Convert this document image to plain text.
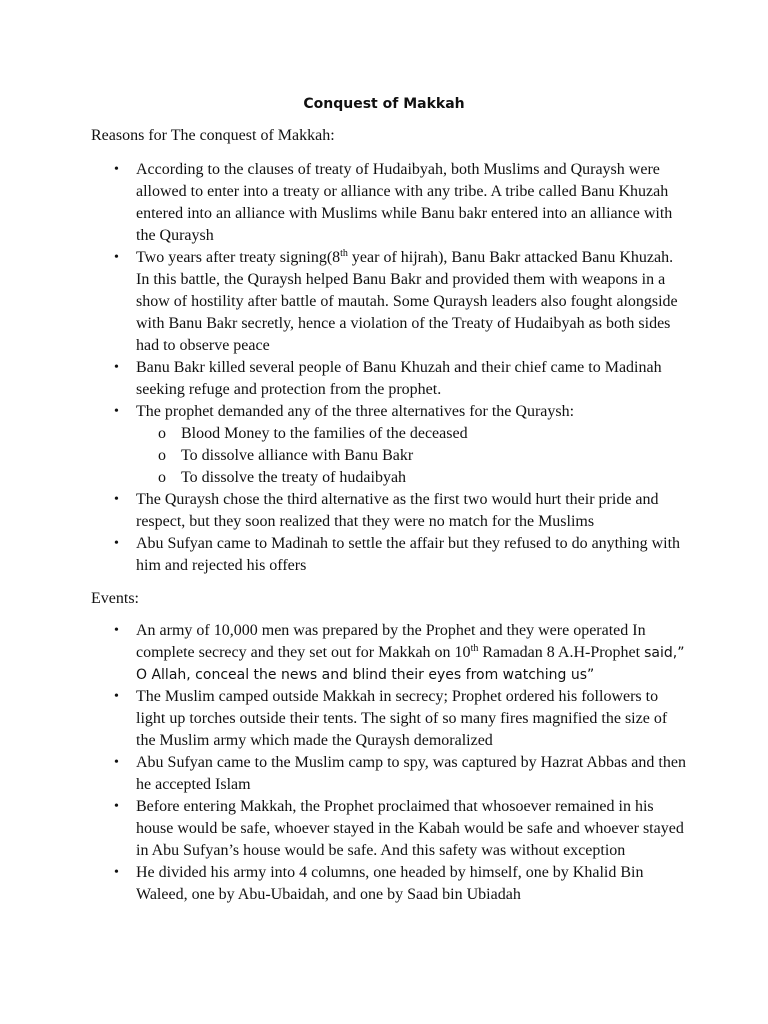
Conquest of Makkah
Reasons for The conquest of Makkah:
• According to the clauses of treaty of Hudaibyah, both Muslims and Quraysh were allowed to enter into a treaty or alliance with any tribe. A tribe called Banu Khuzah entered into an alliance with Muslims while Banu bakr entered into an alliance with the Quraysh
• Two years after treaty signing(8th year of hijrah), Banu Bakr attacked Banu Khuzah. In this battle, the Quraysh helped Banu Bakr and provided them with weapons in a show of hostility after battle of mautah. Some Quraysh leaders also fought alongside with Banu Bakr secretly, hence a violation of the Treaty of Hudaibyah as both sides had to observe peace
• Banu Bakr killed several people of Banu Khuzah and their chief came to Madinah seeking refuge and protection from the prophet.
• The prophet demanded any of the three alternatives for the Quraysh:
o Blood Money to the families of the deceased
o To dissolve alliance with Banu Bakr
o To dissolve the treaty of hudaibyah
• The Quraysh chose the third alternative as the first two would hurt their pride and respect, but they soon realized that they were no match for the Muslims
• Abu Sufyan came to Madinah to settle the affair but they refused to do anything with him and rejected his offers
Events:
• An army of 10,000 men was prepared by the Prophet and they were operated In complete secrecy and they set out for Makkah on 10th Ramadan 8 A.H-Prophet said,” O Allah, conceal the news and blind their eyes from watching us”
• The Muslim camped outside Makkah in secrecy; Prophet ordered his followers to light up torches outside their tents. The sight of so many fires magnified the size of the Muslim army which made the Quraysh demoralized
• Abu Sufyan came to the Muslim camp to spy, was captured by Hazrat Abbas and then he accepted Islam
• Before entering Makkah, the Prophet proclaimed that whosoever remained in his house would be safe, whoever stayed in the Kabah would be safe and whoever stayed in Abu Sufyan’s house would be safe. And this safety was without exception
• He divided his army into 4 columns, one headed by himself, one by Khalid Bin Waleed, one by Abu-Ubaidah, and one by Saad bin Ubiadah
